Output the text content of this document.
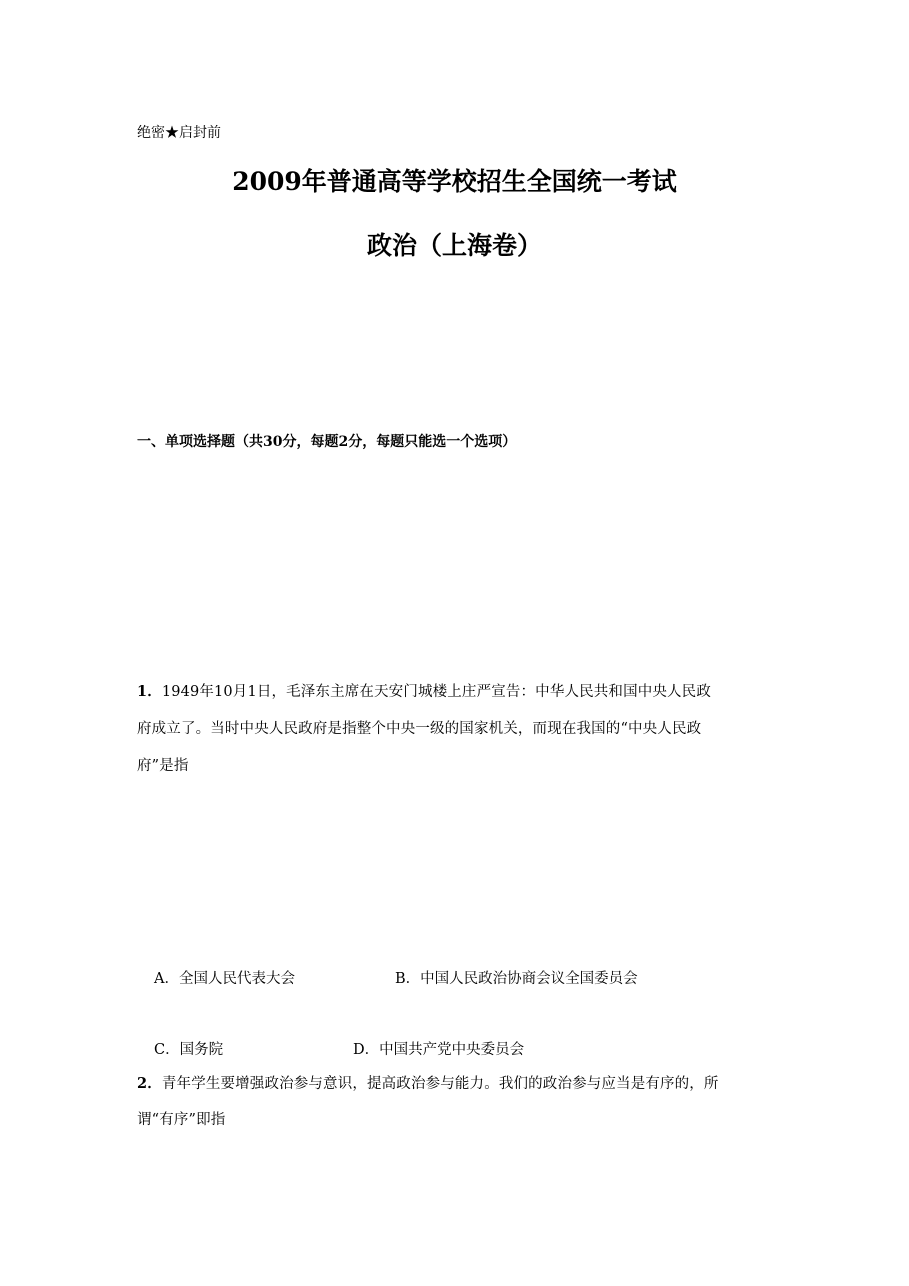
绝密★启封前
2009年普通高等学校招生全国统一考试
政治（上海卷）
一、单项选择题（共30分，每题2分，每题只能选一个选项）
1．1949年10月1日，毛泽东主席在天安门城楼上庄严宣告：中华人民共和国中央人民政
府成立了。当时中央人民政府是指整个中央一级的国家机关，而现在我国的“中央人民政
府”是指
A．全国人民代表大会	B．中国人民政治协商会议全国委员会
C．国务院	D．中国共产党中央委员会
2．青年学生要增强政治参与意识，提高政治参与能力。我们的政治参与应当是有序的，所
谓“有序”即指
